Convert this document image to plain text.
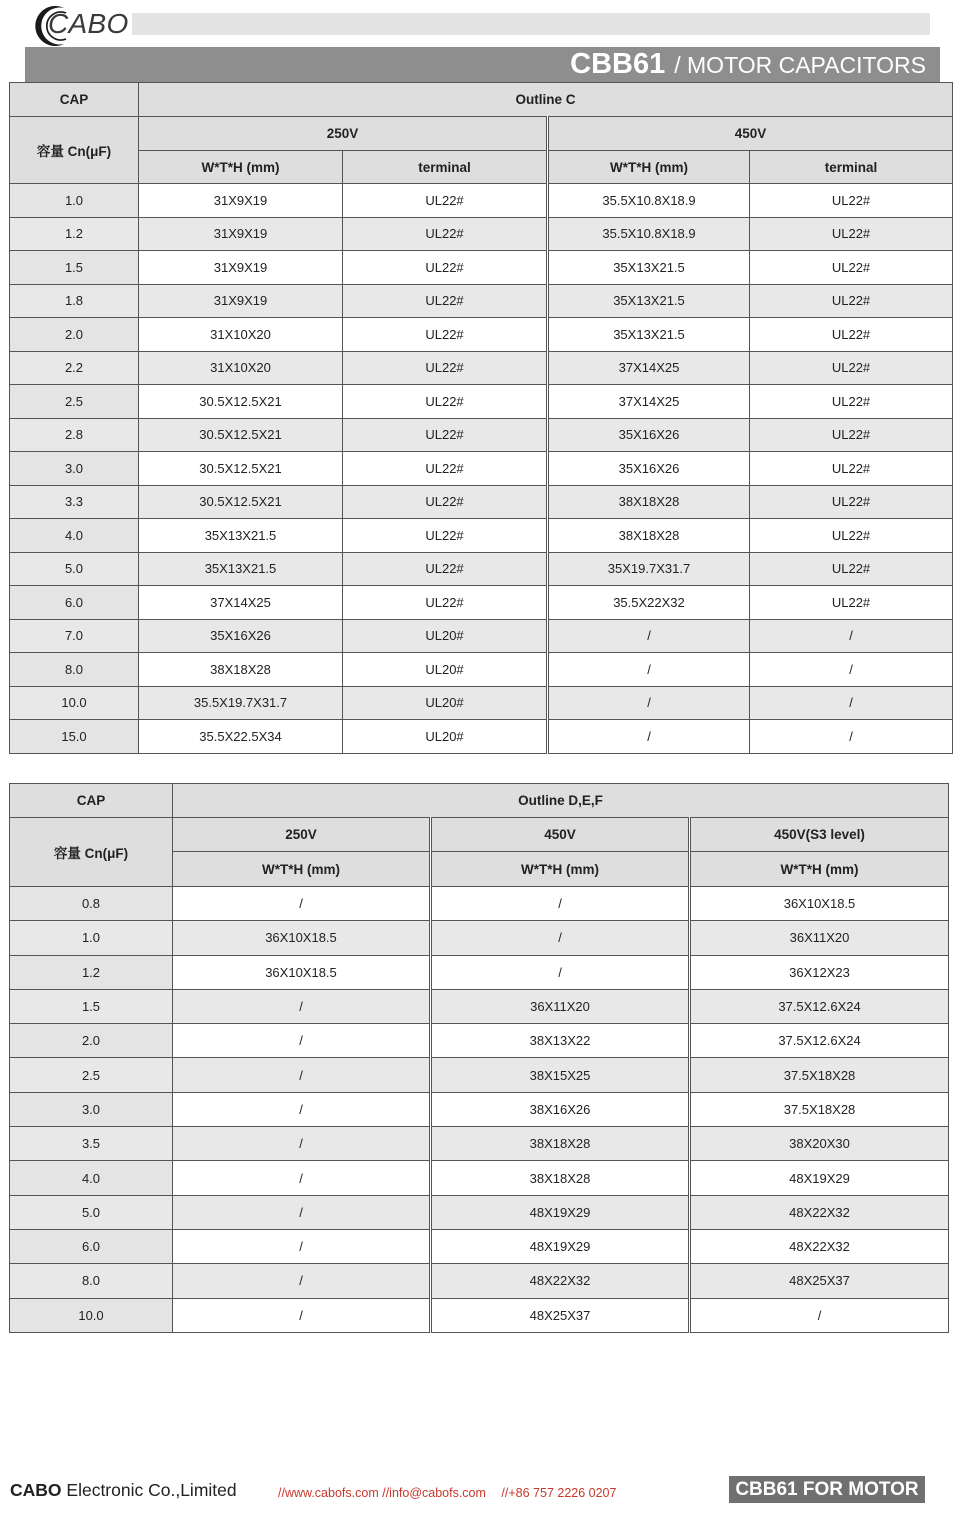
CABO
CBB61 / MOTOR CAPACITORS
CAP	Outline C			
容量 Cn(μF)	250V		450V	
	W*T*H (mm)	terminal	W*T*H (mm)	terminal
1.0	31X9X19	UL22#	35.5X10.8X18.9	UL22#
1.2	31X9X19	UL22#	35.5X10.8X18.9	UL22#
1.5	31X9X19	UL22#	35X13X21.5	UL22#
1.8	31X9X19	UL22#	35X13X21.5	UL22#
2.0	31X10X20	UL22#	35X13X21.5	UL22#
2.2	31X10X20	UL22#	37X14X25	UL22#
2.5	30.5X12.5X21	UL22#	37X14X25	UL22#
2.8	30.5X12.5X21	UL22#	35X16X26	UL22#
3.0	30.5X12.5X21	UL22#	35X16X26	UL22#
3.3	30.5X12.5X21	UL22#	38X18X28	UL22#
4.0	35X13X21.5	UL22#	38X18X28	UL22#
5.0	35X13X21.5	UL22#	35X19.7X31.7	UL22#
6.0	37X14X25	UL22#	35.5X22X32	UL22#
7.0	35X16X26	UL20#	/	/
8.0	38X18X28	UL20#	/	/
10.0	35.5X19.7X31.7	UL20#	/	/
15.0	35.5X22.5X34	UL20#	/	/
CAP	Outline D,E,F		
容量 Cn(μF)	250V	450V	450V(S3 level)
	W*T*H (mm)	W*T*H (mm)	W*T*H (mm)
0.8	/	/	36X10X18.5
1.0	36X10X18.5	/	36X11X20
1.2	36X10X18.5	/	36X12X23
1.5	/	36X11X20	37.5X12.6X24
2.0	/	38X13X22	37.5X12.6X24
2.5	/	38X15X25	37.5X18X28
3.0	/	38X16X26	37.5X18X28
3.5	/	38X18X28	38X20X30
4.0	/	38X18X28	48X19X29
5.0	/	48X19X29	48X22X32
6.0	/	48X19X29	48X22X32
8.0	/	48X22X32	48X25X37
10.0	/	48X25X37	/
CABO Electronic Co.,Limited	//www.cabofs.com //info@cabofs.com //+86 757 2226 0207	CBB61 FOR MOTOR
